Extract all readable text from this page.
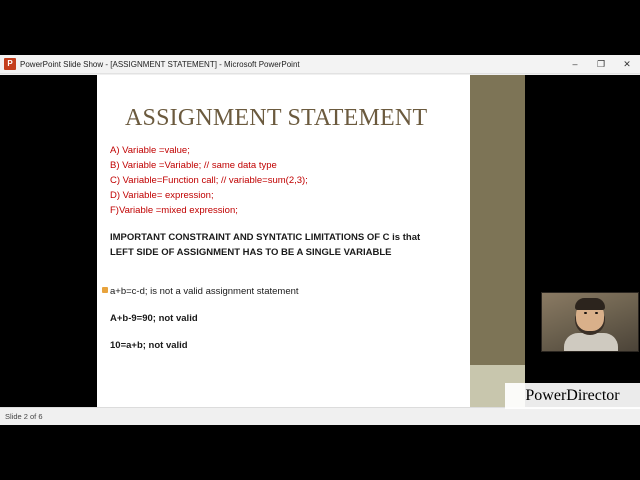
P PowerPoint Slide Show - [ASSIGNMENT STATEMENT] - Microsoft PowerPoint	–	❐	✕
ASSIGNMENT STATEMENT
A) Variable =value;
B) Variable =Variable; // same data type
C) Variable=Function call; // variable=sum(2,3);
D) Variable= expression;
F)Variable =mixed expression;
IMPORTANT CONSTRAINT AND SYNTATIC LIMITATIONS OF C is that
LEFT SIDE OF ASSIGNMENT HAS TO BE A SINGLE VARIABLE
a+b=c-d; is not a valid assignment statement
A+b-9=90; not valid
10=a+b; not valid
Slide 2 of 6
PowerDirector
